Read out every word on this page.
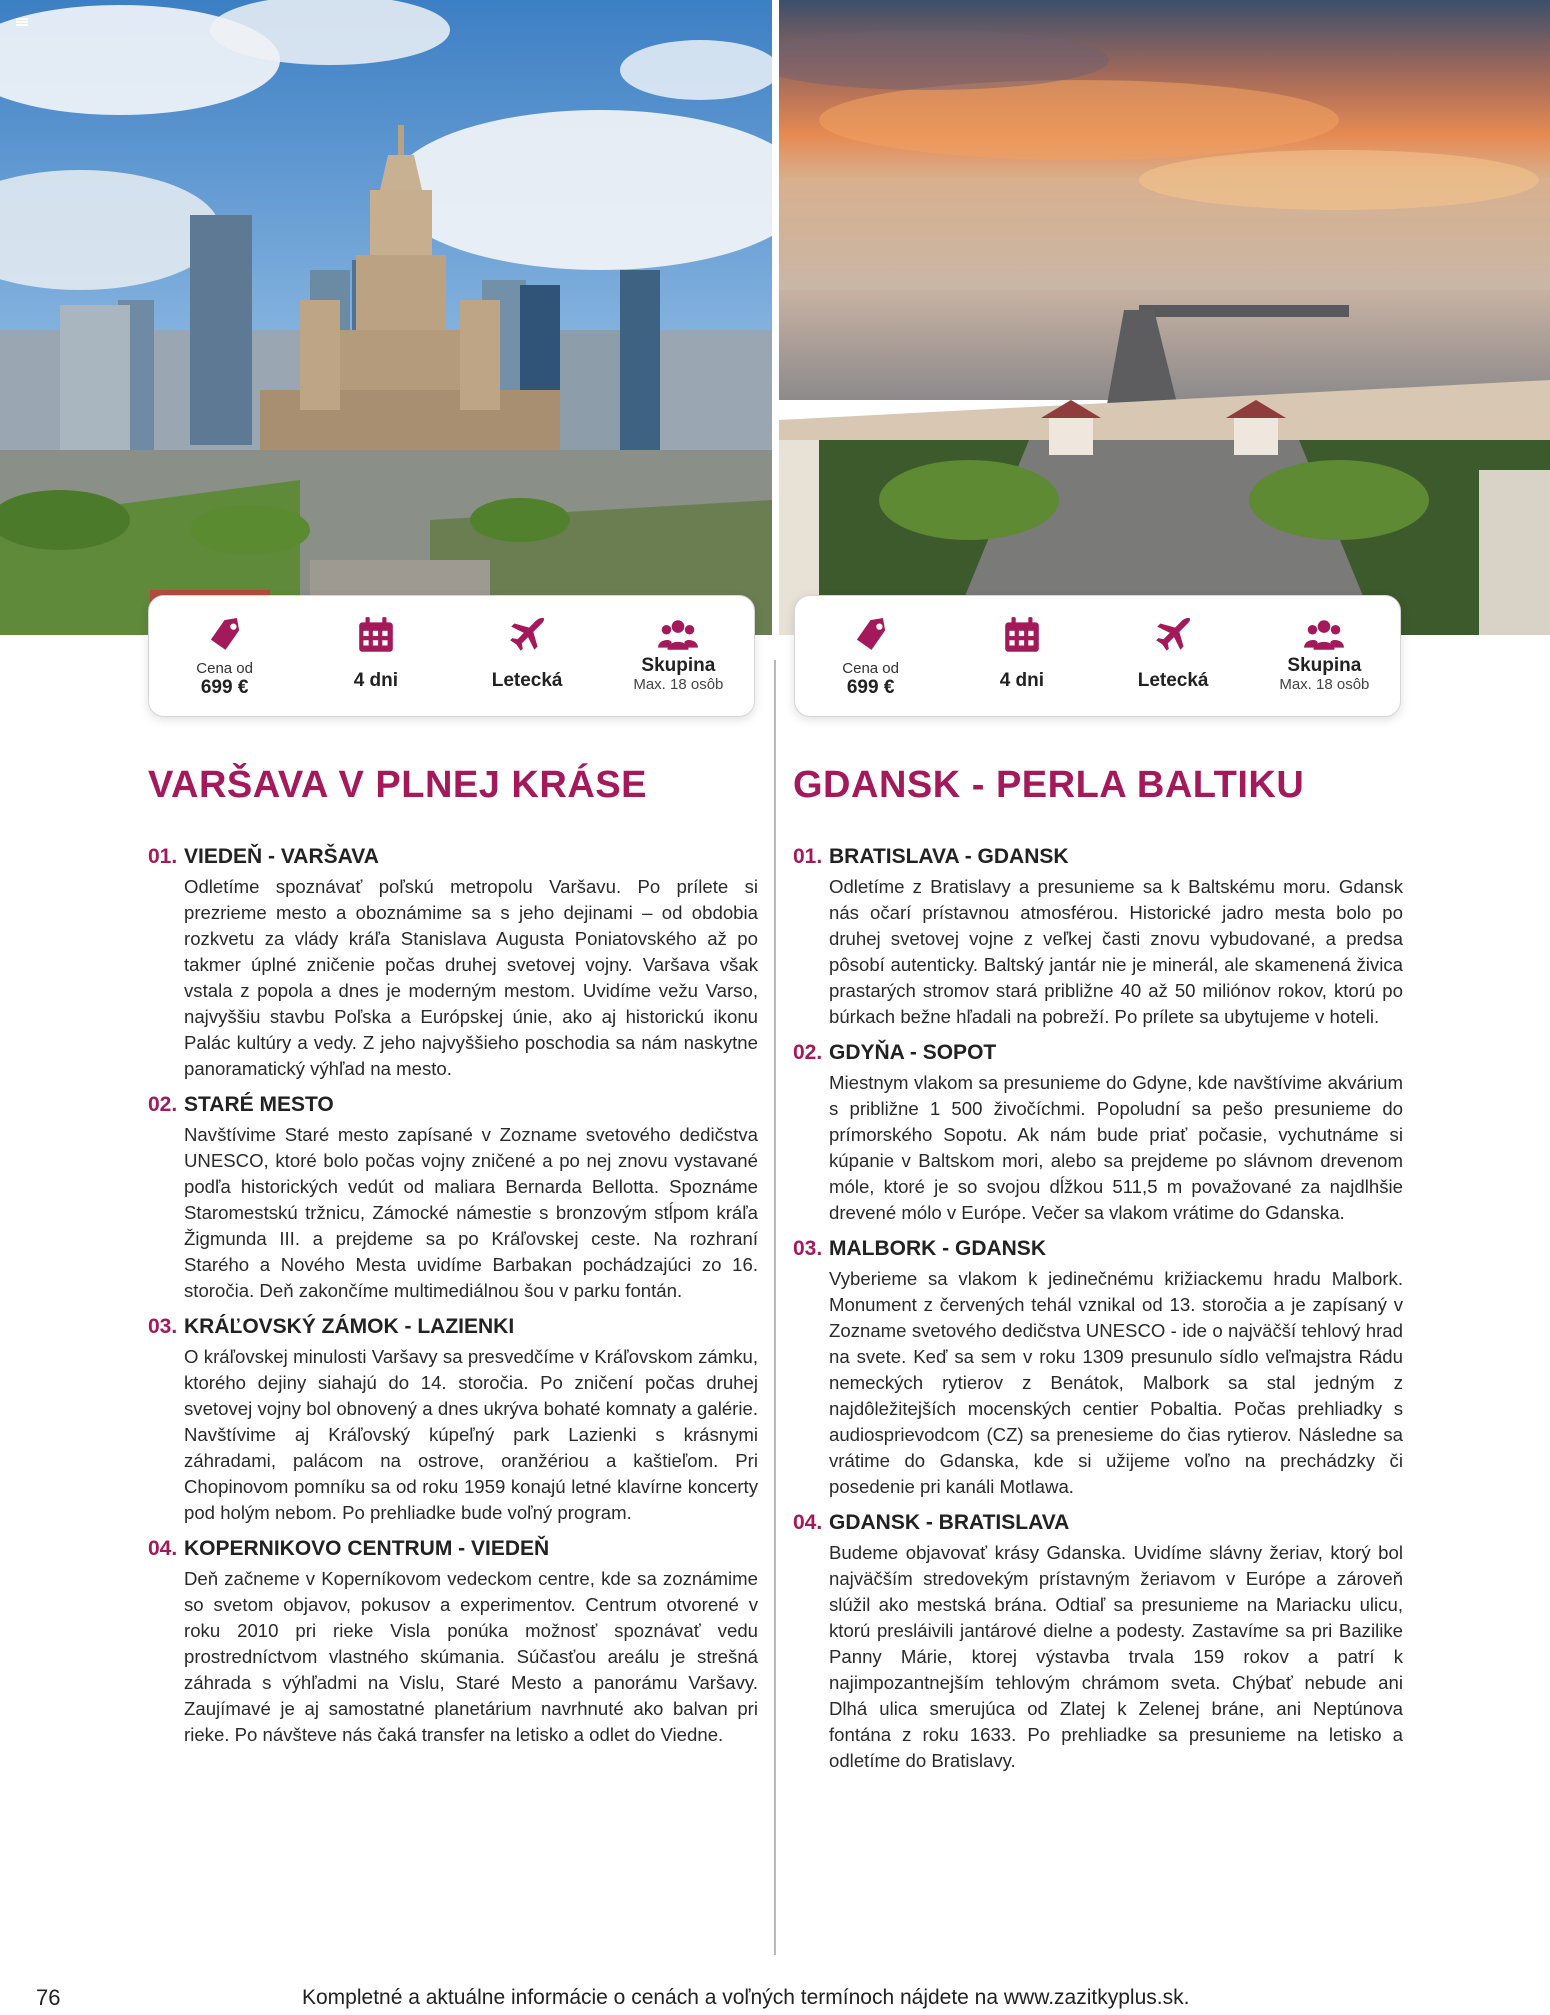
Cena od
699 €	4 dni	Letecká
Skupina
Max. 18 osôb
Cena od
699 €	4 dni	Letecká
Skupina
Max. 18 osôb
VARŠAVA V PLNEJ KRÁSE
01. VIEDEŇ - VARŠAVA

Odletíme spoznávať poľskú metropolu Varšavu. Po prílete si prezrieme mesto a oboznámime sa s jeho dejinami – od obdobia rozkvetu za vlády kráľa Stanislava Augusta Poniatovského až po takmer úplné zničenie počas druhej svetovej vojny. Varšava však vstala z popola a dnes je moderným mestom. Uvidíme vežu Varso, najvyššiu stavbu Poľska a Európskej únie, ako aj historickú ikonu Palác kultúry a vedy. Z jeho najvyššieho poschodia sa nám naskytne panoramatický výhľad na mesto.

02. STARÉ MESTO

Navštívime Staré mesto zapísané v Zozname svetového dedičstva UNESCO, ktoré bolo počas vojny zničené a po nej znovu vystavané podľa historických vedút od maliara Bernarda Bellotta. Spoznáme Staromestskú tržnicu, Zámocké námestie s bronzovým stĺpom kráľa Žigmunda III. a prejdeme sa po Kráľovskej ceste. Na rozhraní Starého a Nového Mesta uvidíme Barbakan pochádzajúci zo 16. storočia. Deň zakončíme multimediálnou šou v parku fontán.

03. KRÁĽOVSKÝ ZÁMOK - LAZIENKI

O kráľovskej minulosti Varšavy sa presvedčíme v Kráľovskom zámku, ktorého dejiny siahajú do 14. storočia. Po zničení počas druhej svetovej vojny bol obnovený a dnes ukrýva bohaté komnaty a galérie. Navštívime aj Kráľovský kúpeľný park Lazienki s krásnymi záhradami, palácom na ostrove, oranžériou a kaštieľom. Pri Chopinovom pomníku sa od roku 1959 konajú letné klavírne koncerty pod holým nebom. Po prehliadke bude voľný program.

04. KOPERNIKOVO CENTRUM - VIEDEŇ

Deň začneme v Koperníkovom vedeckom centre, kde sa zoznámime so svetom objavov, pokusov a experimentov. Centrum otvorené v roku 2010 pri rieke Visla ponúka možnosť spoznávať vedu prostredníctvom vlastného skúmania. Súčasťou areálu je strešná záhrada s výhľadmi na Vislu, Staré Mesto a panorámu Varšavy. Zaujímavé je aj samostatné planetárium navrhnuté ako balvan pri rieke. Po návšteve nás čaká transfer na letisko a odlet do Viedne.

GDANSK - PERLA BALTIKU
01. BRATISLAVA - GDANSK

Odletíme z Bratislavy a presunieme sa k Baltskému moru. Gdansk nás očarí prístavnou atmosférou. Historické jadro mesta bolo po druhej svetovej vojne z veľkej časti znovu vybudované, a predsa pôsobí autenticky. Baltský jantár nie je minerál, ale skamenená živica prastarých stromov stará približne 40 až 50 miliónov rokov, ktorú po búrkach bežne hľadali na pobreží. Po prílete sa ubytujeme v hoteli.

02. GDYŇA - SOPOT

Miestnym vlakom sa presunieme do Gdyne, kde navštívime akvárium s približne 1 500 živočíchmi. Popoludní sa pešo presunieme do prímorského Sopotu. Ak nám bude priať počasie, vychutnáme si kúpanie v Baltskom mori, alebo sa prejdeme po slávnom drevenom móle, ktoré je so svojou dĺžkou 511,5 m považované za najdlhšie drevené mólo v Európe. Večer sa vlakom vrátime do Gdanska.

03. MALBORK - GDANSK

Vyberieme sa vlakom k jedinečnému križiackemu hradu Malbork. Monument z červených tehál vznikal od 13. storočia a je zapísaný v Zozname svetového dedičstva UNESCO - ide o najväčší tehlový hrad na svete. Keď sa sem v roku 1309 presunulo sídlo veľmajstra Rádu nemeckých rytierov z Benátok, Malbork sa stal jedným z najdôležitejších mocenských centier Pobaltia. Počas prehliadky s audiosprievodcom (CZ) sa prenesieme do čias rytierov. Následne sa vrátime do Gdanska, kde si užijeme voľno na prechádzky či posedenie pri kanáli Motlawa.

04. GDANSK - BRATISLAVA

Budeme objavovať krásy Gdanska. Uvidíme slávny žeriav, ktorý bol najväčším stredovekým prístavným žeriavom v Európe a zároveň slúžil ako mestská brána. Odtiaľ sa presunieme na Mariacku ulicu, ktorú presláivili jantárové dielne a podesty. Zastavíme sa pri Bazilike Panny Márie, ktorej výstavba trvala 159 rokov a patrí k najimpozantnejším tehlovým chrámom sveta. Chýbať nebude ani Dlhá ulica smerujúca od Zlatej k Zelenej bráne, ani Neptúnova fontána z roku 1633. Po prehliadke sa presunieme na letisko a odletíme do Bratislavy.

76	Kompletné a aktuálne informácie o cenách a voľných termínoch nájdete na www.zazitkyplus.sk.
